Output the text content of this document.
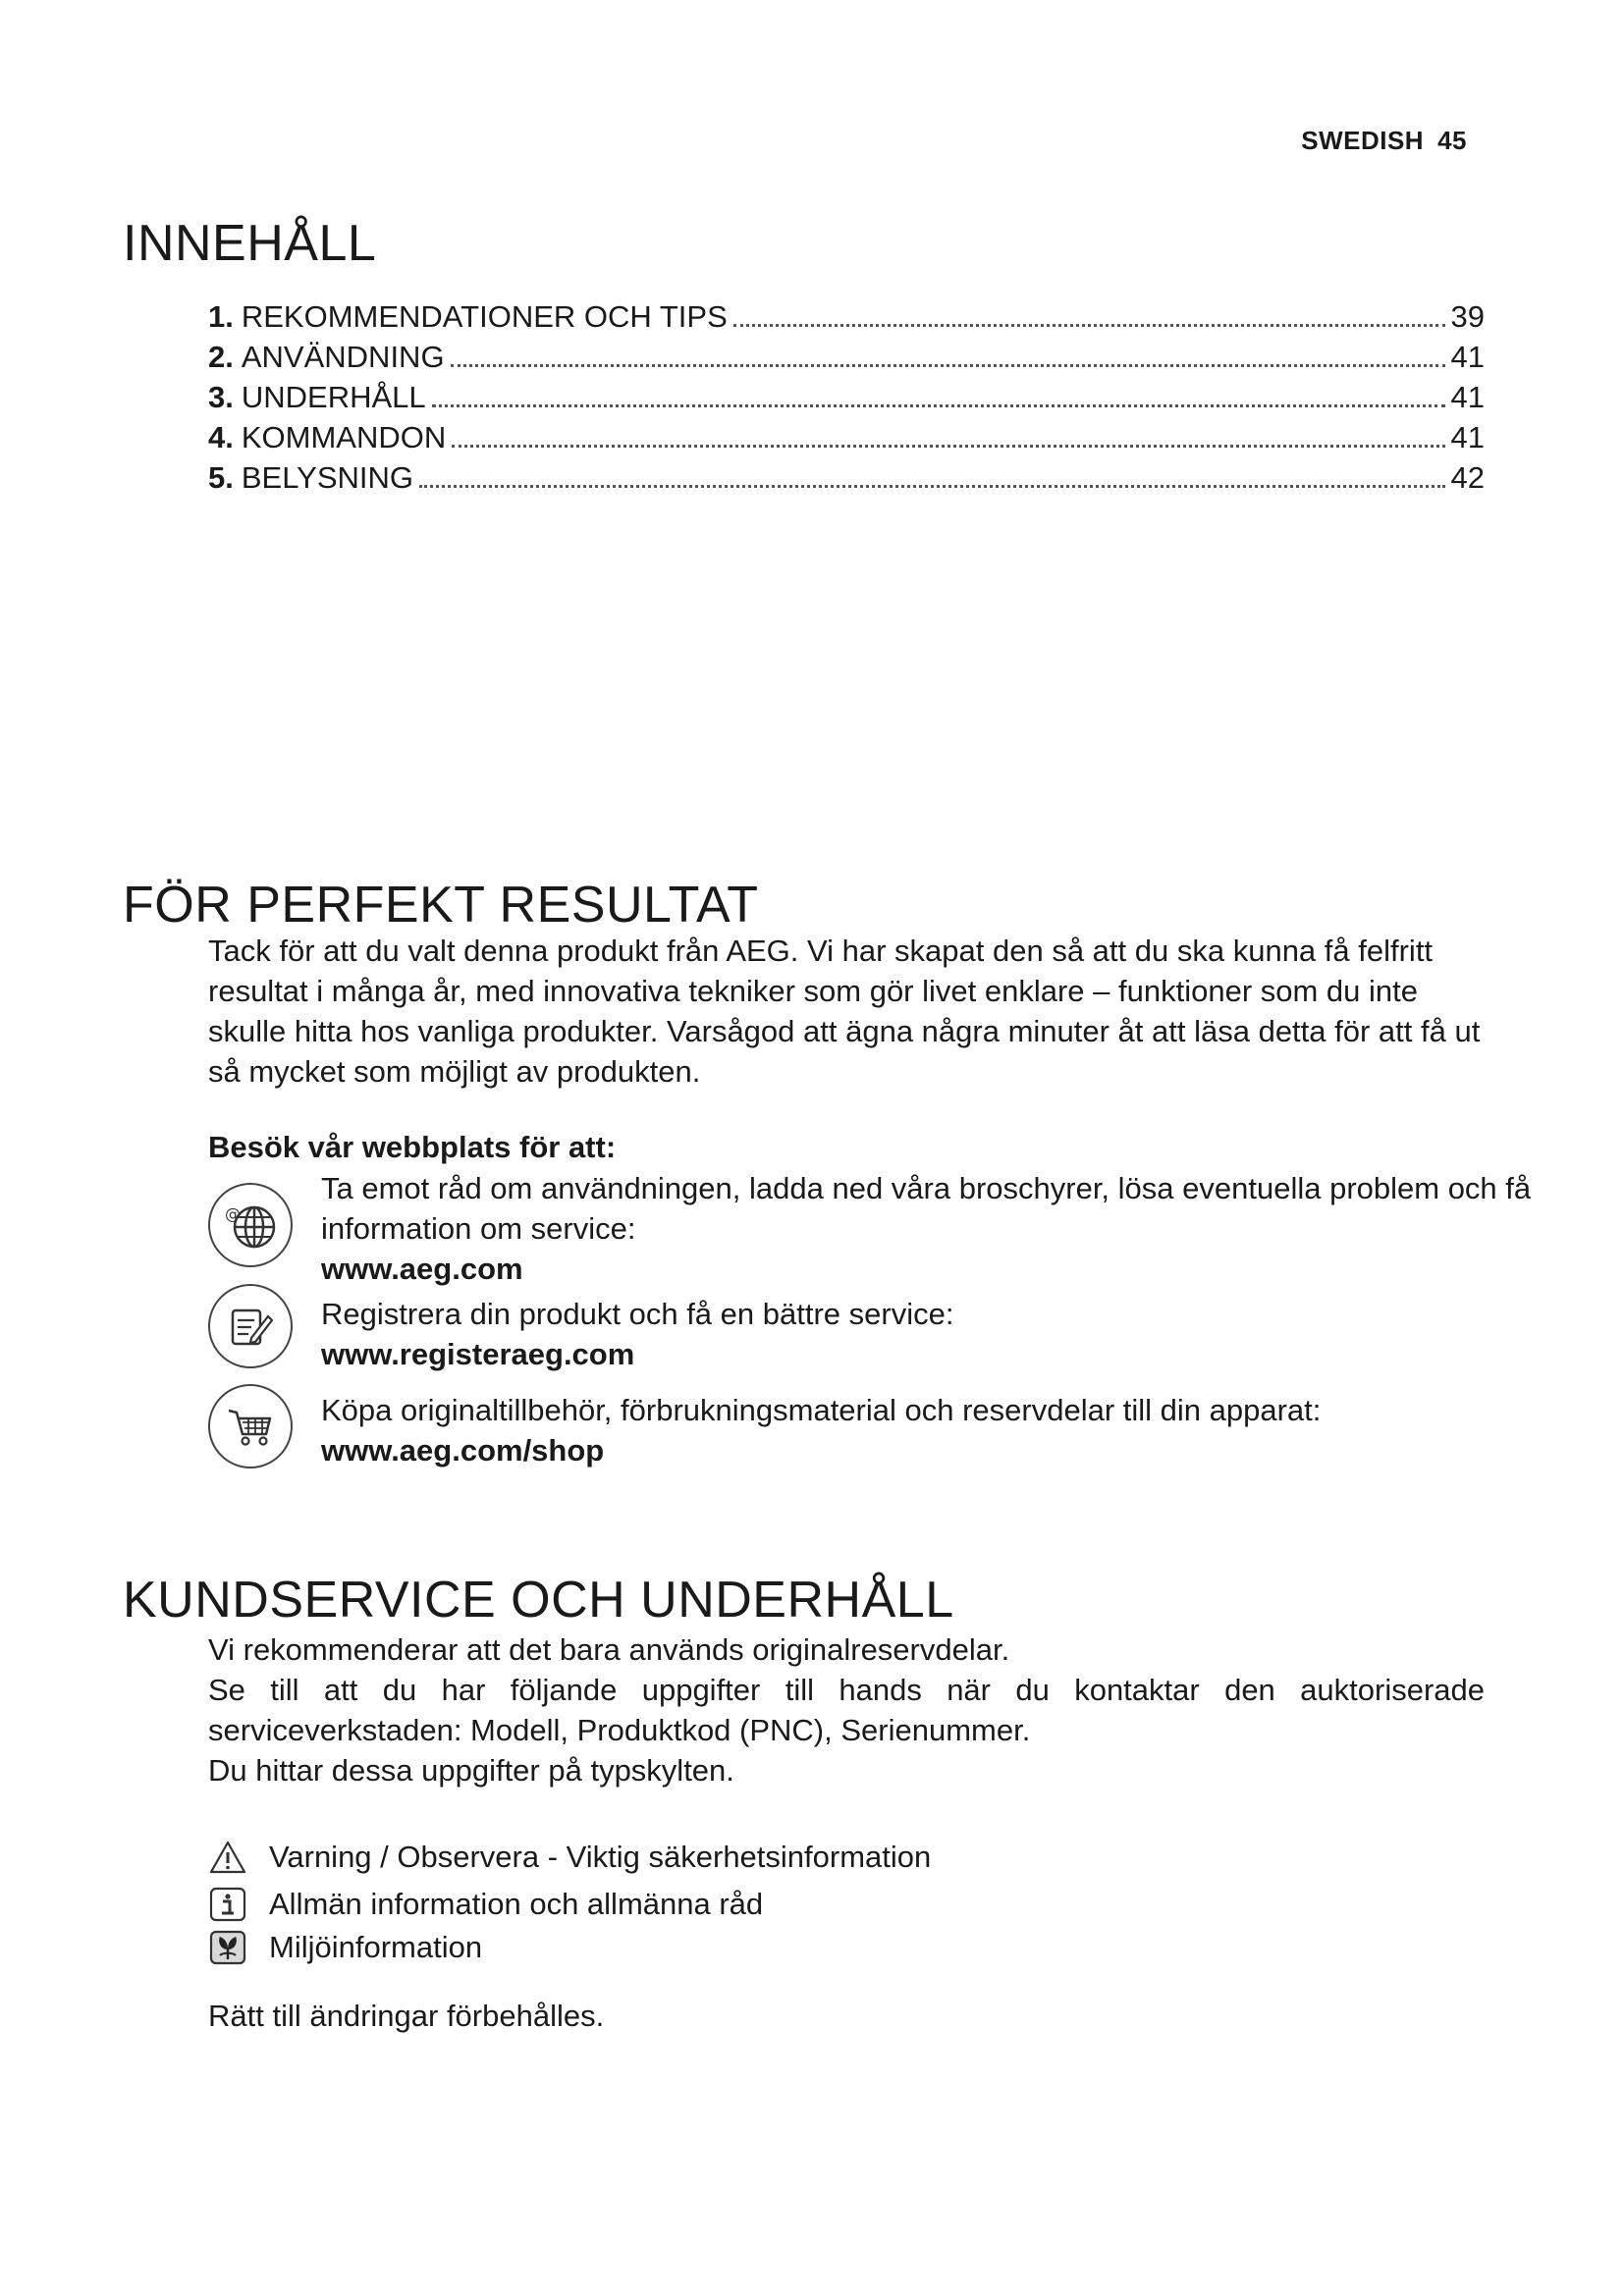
SWEDISH 45
INNEHÅLL
1. REKOMMENDATIONER OCH TIPS	39
2. ANVÄNDNING	41
3. UNDERHÅLL	41
4. KOMMANDON	41
5. BELYSNING	42
FÖR PERFEKT RESULTAT
Tack för att du valt denna produkt från AEG. Vi har skapat den så att du ska kunna få felfritt resultat i många år, med innovativa tekniker som gör livet enklare – funktioner som du inte skulle hitta hos vanliga produkter. Varsågod att ägna några minuter åt att läsa detta för att få ut så mycket som möjligt av produkten.
Besök vår webbplats för att:
@
Ta emot råd om användningen, ladda ned våra broschyrer, lösa eventuella problem och få information om service:
www.aeg.com
Registrera din produkt och få en bättre service:
www.registeraeg.com
Köpa originaltillbehör, förbrukningsmaterial och reservdelar till din apparat:
www.aeg.com/shop
KUNDSERVICE OCH UNDERHÅLL
Vi rekommenderar att det bara används originalreservdelar.
Se till att du har följande uppgifter till hands när du kontaktar den auktoriserade serviceverkstaden: Modell, Produktkod (PNC), Serienummer.
Du hittar dessa uppgifter på typskylten.
Varning / Observera - Viktig säkerhetsinformation
Allmän information och allmänna råd
Miljöinformation
Rätt till ändringar förbehålles.
